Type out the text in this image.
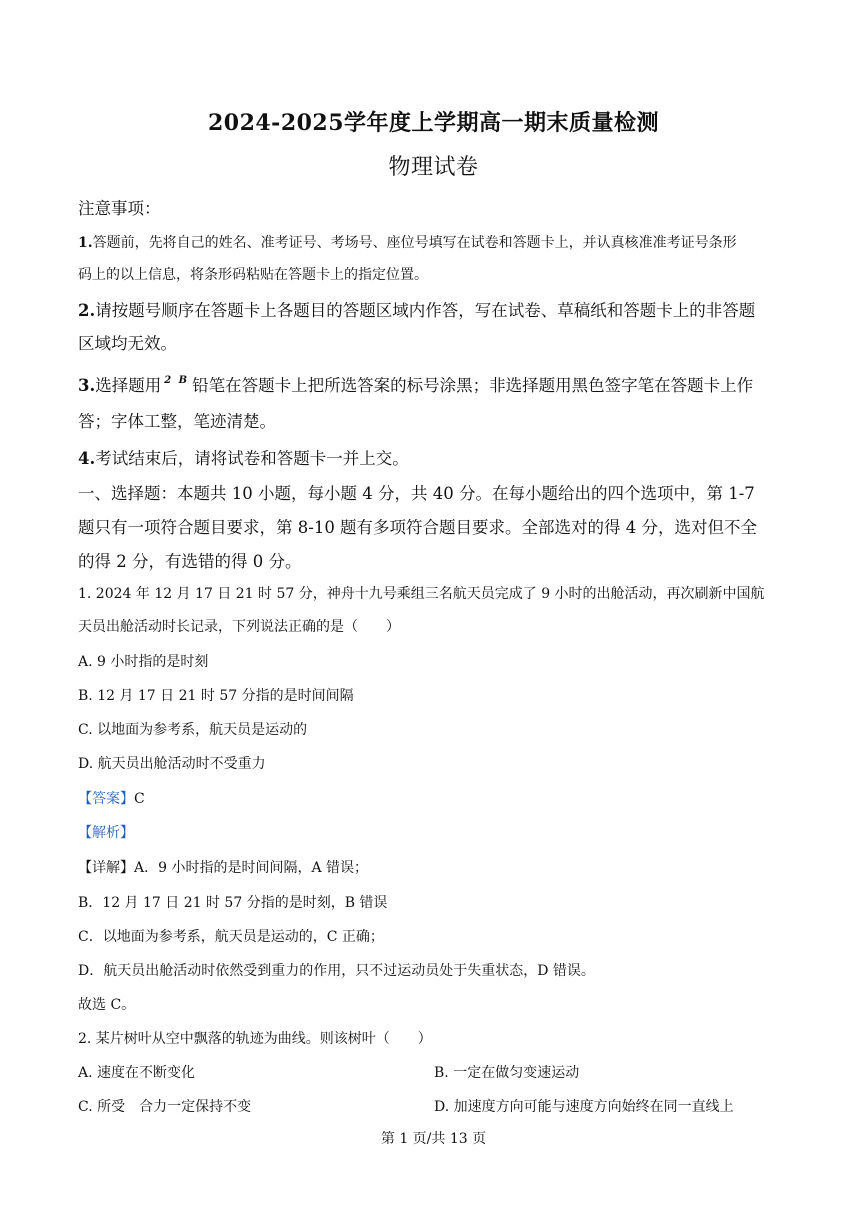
2024-2025学年度上学期高一期末质量检测
物理试卷
注意事项：
1.答题前，先将自己的姓名、准考证号、考场号、座位号填写在试卷和答题卡上，并认真核准准考证号条形
码上的以上信息，将条形码粘贴在答题卡上的指定位置。
2.请按题号顺序在答题卡上各题目的答题区域内作答，写在试卷、草稿纸和答题卡上的非答题
区域均无效。
3.选择题用 2 B 铅笔在答题卡上把所选答案的标号涂黑；非选择题用黑色签字笔在答题卡上作
答；字体工整，笔迹清楚。
4.考试结束后，请将试卷和答题卡一并上交。
一、选择题：本题共 10 小题，每小题 4 分，共 40 分。在每小题给出的四个选项中，第 1-7
题只有一项符合题目要求，第 8-10 题有多项符合题目要求。全部选对的得 4 分，选对但不全
的得 2 分，有选错的得 0 分。
1. 2024 年 12 月 17 日 21 时 57 分，神舟十九号乘组三名航天员完成了 9 小时的出舱活动，再次刷新中国航
天员出舱活动时长记录，下列说法正确的是（　　）
A. 9 小时指的是时刻
B. 12 月 17 日 21 时 57 分指的是时间间隔
C. 以地面为参考系，航天员是运动的
D. 航天员出舱活动时不受重力
【答案】C
【解析】
【详解】A．9 小时指的是时间间隔，A 错误；
B．12 月 17 日 21 时 57 分指的是时刻，B 错误
C．以地面为参考系，航天员是运动的，C 正确；
D．航天员出舱活动时依然受到重力的作用，只不过运动员处于失重状态，D 错误。
故选 C。
2. 某片树叶从空中飘落的轨迹为曲线。则该树叶（　　）
A. 速度在不断变化	B. 一定在做匀变速运动
C. 所受　合力一定保持不变	D. 加速度方向可能与速度方向始终在同一直线上
第 1 页/共 13 页
